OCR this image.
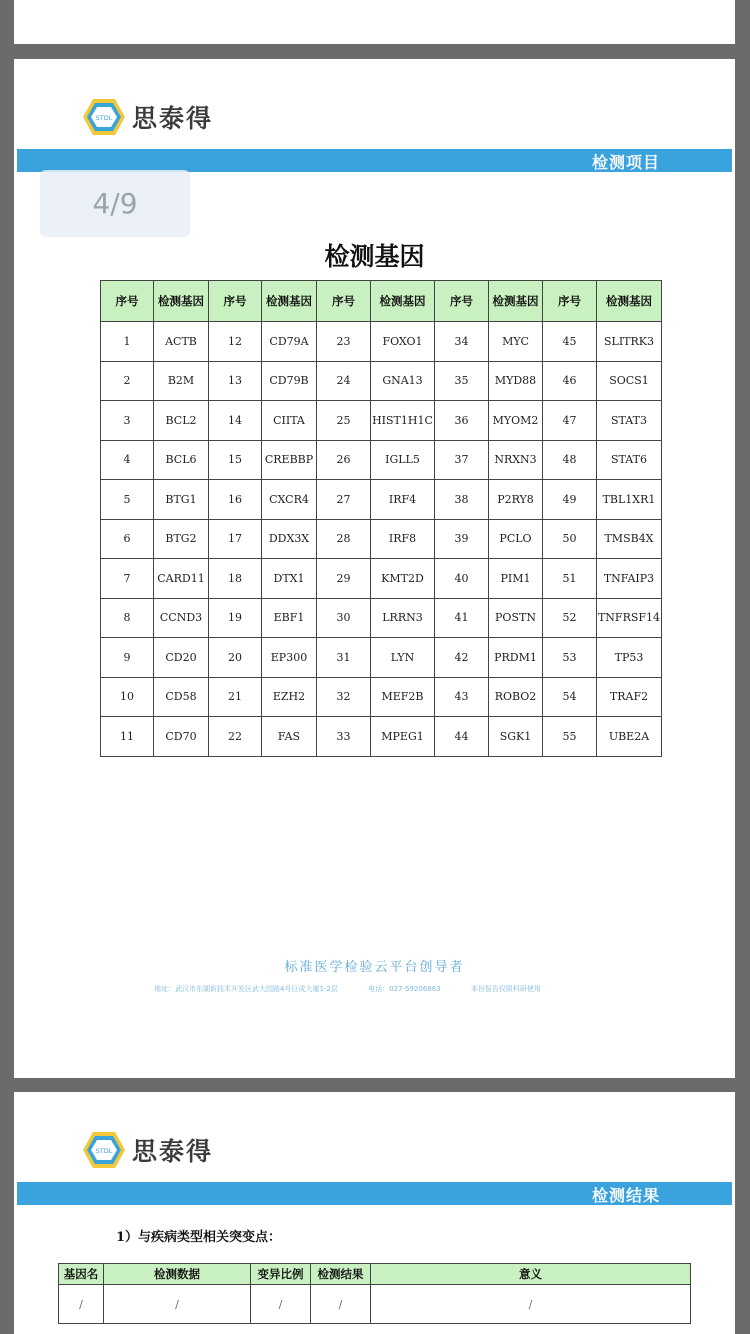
STDL 思泰得
检测项目
检测基因
序号	检测基因	序号	检测基因	序号	检测基因	序号	检测基因	序号	检测基因
1	ACTB	12	CD79A	23	FOXO1	34	MYC	45	SLITRK3
2	B2M	13	CD79B	24	GNA13	35	MYD88	46	SOCS1
3	BCL2	14	CIITA	25	HIST1H1C	36	MYOM2	47	STAT3
4	BCL6	15	CREBBP	26	IGLL5	37	NRXN3	48	STAT6
5	BTG1	16	CXCR4	27	IRF4	38	P2RY8	49	TBL1XR1
6	BTG2	17	DDX3X	28	IRF8	39	PCLO	50	TMSB4X
7	CARD11	18	DTX1	29	KMT2D	40	PIM1	51	TNFAIP3
8	CCND3	19	EBF1	30	LRRN3	41	POSTN	52	TNFRSF14
9	CD20	20	EP300	31	LYN	42	PRDM1	53	TP53
10	CD58	21	EZH2	32	MEF2B	43	ROBO2	54	TRAF2
11	CD70	22	FAS	33	MPEG1	44	SGK1	55	UBE2A
标准医学检验云平台创导者
地址：武汉市东湖新技术开发区武大园路4号巨成大厦1-2层	电话：027-59206863	本份报告仅限科研使用
STDL 思泰得
检测结果
1）与疾病类型相关突变点：
基因名	检测数据	变异比例	检测结果	意义
/	/	/	/	/
4/9
